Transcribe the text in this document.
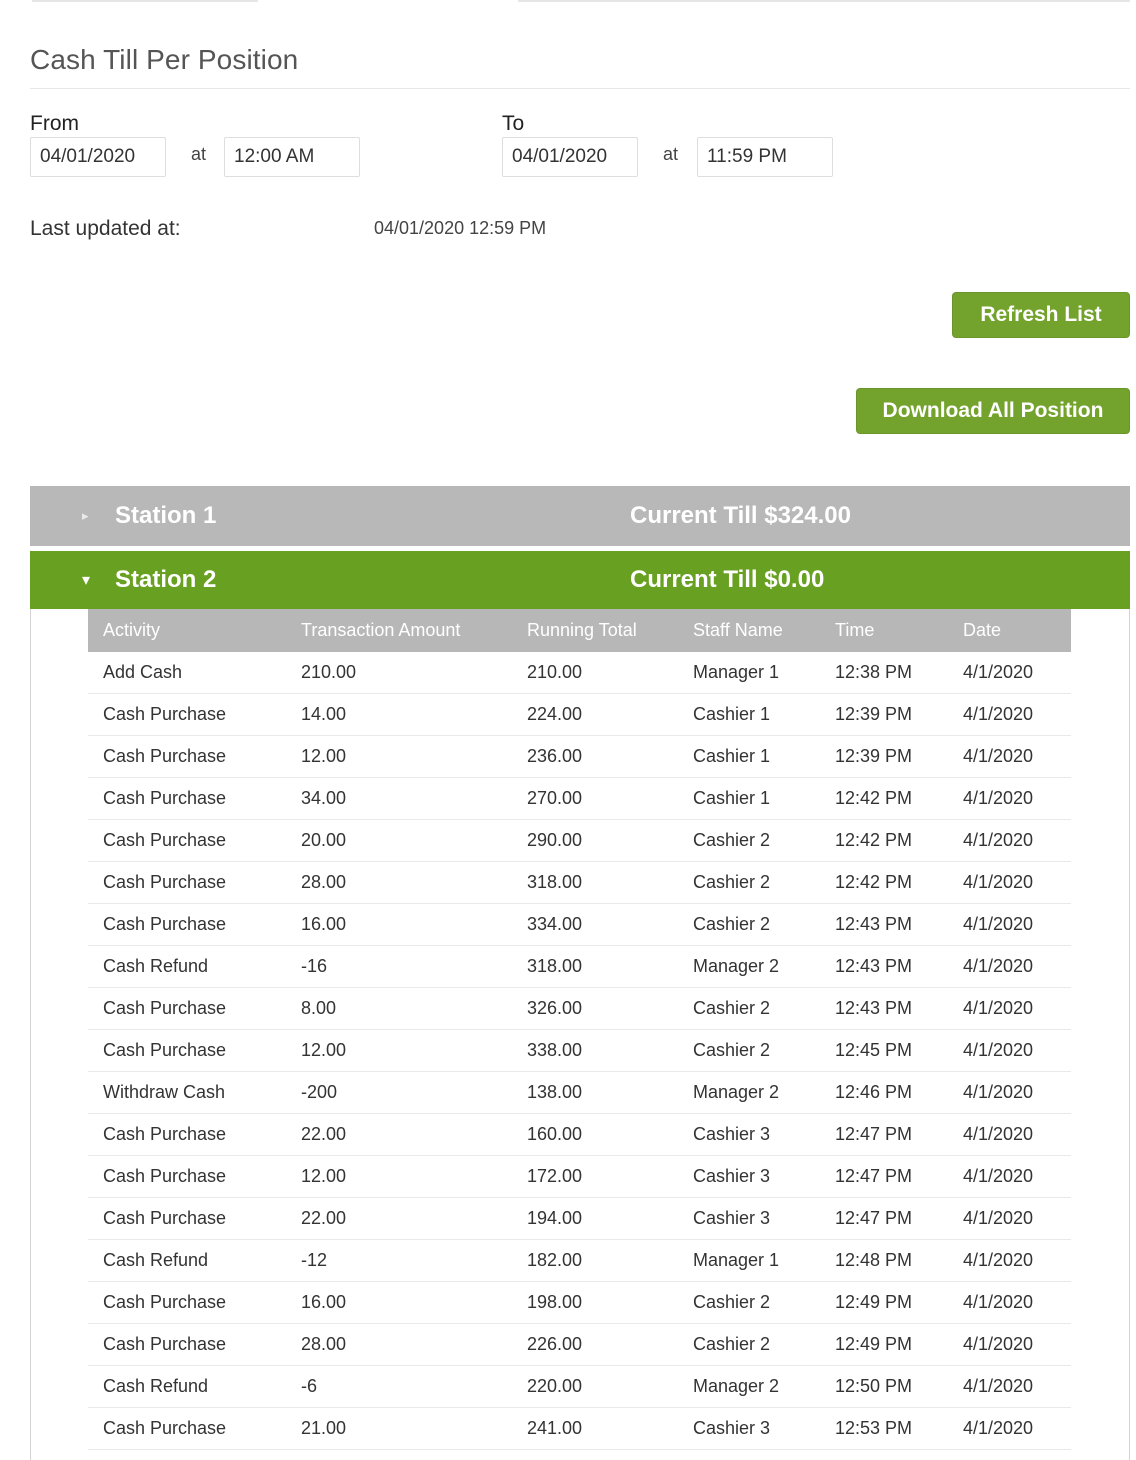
Cash Till Per Position
From
04/01/2020
at
12:00 AM
To
04/01/2020
at
11:59 PM
Last updated at:	04/01/2020 12:59 PM
Refresh List
Download All Position
▸ Station 1	Current Till $324.00
▾ Station 2	Current Till $0.00
Activity	Transaction Amount	Running Total	Staff Name	Time	Date
Add Cash	210.00	210.00	Manager 1	12:38 PM	4/1/2020
Cash Purchase	14.00	224.00	Cashier 1	12:39 PM	4/1/2020
Cash Purchase	12.00	236.00	Cashier 1	12:39 PM	4/1/2020
Cash Purchase	34.00	270.00	Cashier 1	12:42 PM	4/1/2020
Cash Purchase	20.00	290.00	Cashier 2	12:42 PM	4/1/2020
Cash Purchase	28.00	318.00	Cashier 2	12:42 PM	4/1/2020
Cash Purchase	16.00	334.00	Cashier 2	12:43 PM	4/1/2020
Cash Refund	-16	318.00	Manager 2	12:43 PM	4/1/2020
Cash Purchase	8.00	326.00	Cashier 2	12:43 PM	4/1/2020
Cash Purchase	12.00	338.00	Cashier 2	12:45 PM	4/1/2020
Withdraw Cash	-200	138.00	Manager 2	12:46 PM	4/1/2020
Cash Purchase	22.00	160.00	Cashier 3	12:47 PM	4/1/2020
Cash Purchase	12.00	172.00	Cashier 3	12:47 PM	4/1/2020
Cash Purchase	22.00	194.00	Cashier 3	12:47 PM	4/1/2020
Cash Refund	-12	182.00	Manager 1	12:48 PM	4/1/2020
Cash Purchase	16.00	198.00	Cashier 2	12:49 PM	4/1/2020
Cash Purchase	28.00	226.00	Cashier 2	12:49 PM	4/1/2020
Cash Refund	-6	220.00	Manager 2	12:50 PM	4/1/2020
Cash Purchase	21.00	241.00	Cashier 3	12:53 PM	4/1/2020
